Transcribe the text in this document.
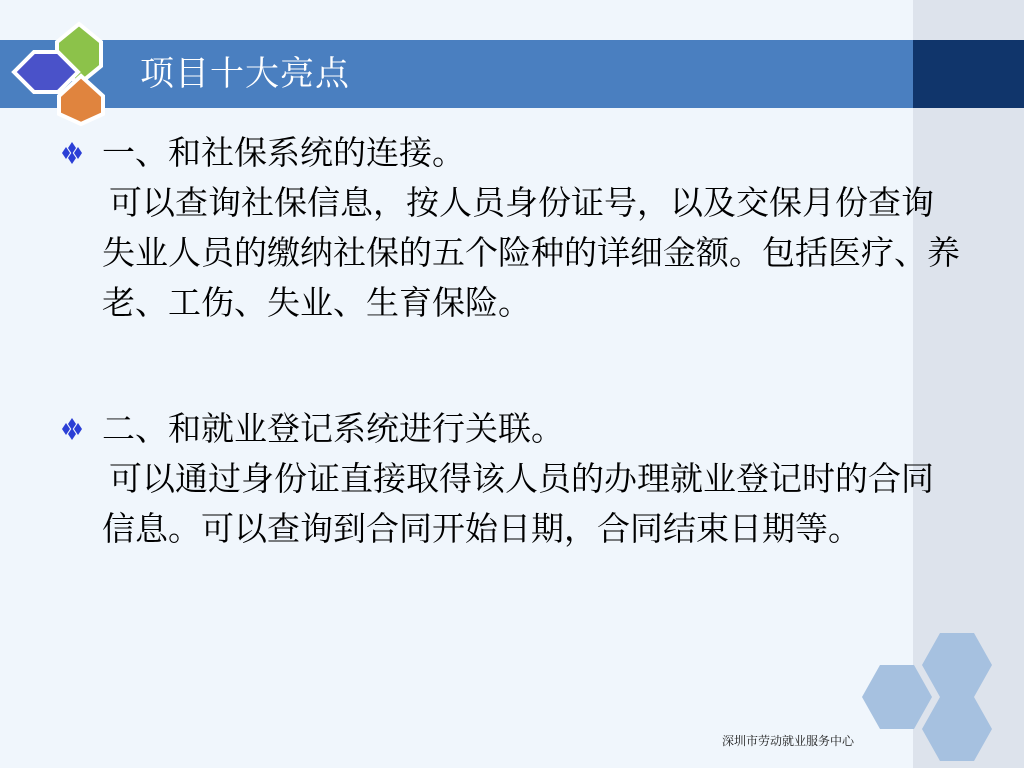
项目十大亮点
一、和社保系统的连接。
可以查询社保信息，按人员身份证号，以及交保月份查询失业人员的缴纳社保的五个险种的详细金额。包括医疗、养老、工伤、失业、生育保险。
二、和就业登记系统进行关联。
可以通过身份证直接取得该人员的办理就业登记时的合同信息。可以查询到合同开始日期，合同结束日期等。
深圳市劳动就业服务中心
